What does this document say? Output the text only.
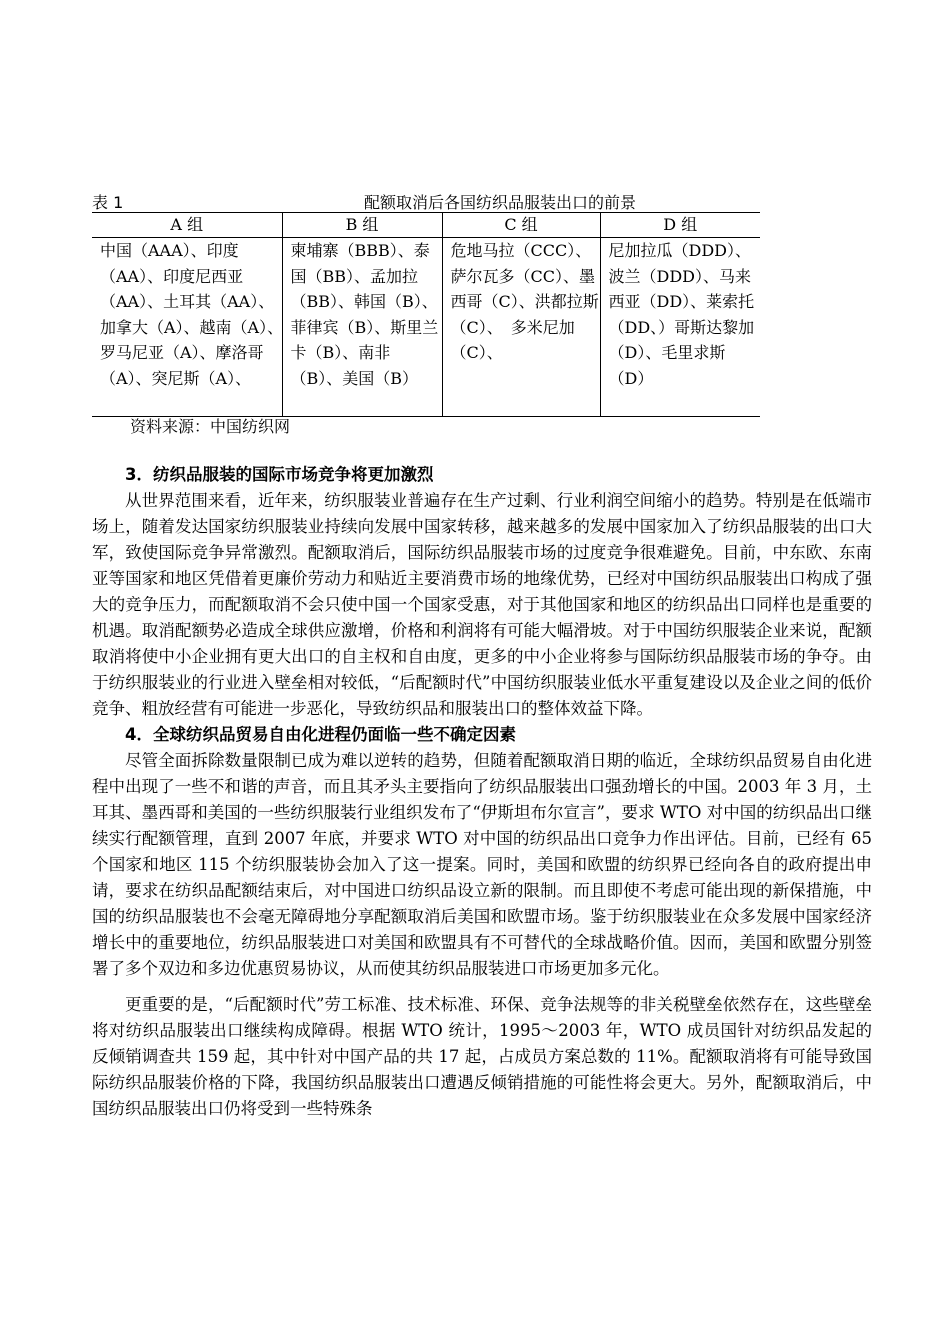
表 1	配额取消后各国纺织品服装出口的前景
A 组	B 组	C 组	D 组
中国（AAA）、印度（AA）、印度尼西亚（AA）、土耳其（AA）、加拿大（A）、越南（A）、　罗马尼亚（A）、摩洛哥（A）、突尼斯（A）、	柬埔寨（BBB）、泰国（BB）、孟加拉（BB）、韩国（B）、菲律宾（B）、斯里兰卡（B）、南非（B）、美国（B）	危地马拉（CCC）、萨尔瓦多（CC）、墨西哥（C）、洪都拉斯（C）、　多米尼加（C）、	尼加拉瓜（DDD）、波兰（DDD）、马来西亚（DD）、莱索托（DD、）哥斯达黎加（D）、毛里求斯（D）
资料来源：中国纺织网
3．纺织品服装的国际市场竞争将更加激烈

从世界范围来看，近年来，纺织服装业普遍存在生产过剩、行业利润空间缩小的趋势。特别是在低端市场上，随着发达国家纺织服装业持续向发展中国家转移，越来越多的发展中国家加入了纺织品服装的出口大军，致使国际竞争异常激烈。配额取消后，国际纺织品服装市场的过度竞争很难避免。目前，中东欧、东南亚等国家和地区凭借着更廉价劳动力和贴近主要消费市场的地缘优势，已经对中国纺织品服装出口构成了强大的竞争压力，而配额取消不会只使中国一个国家受惠，对于其他国家和地区的纺织品出口同样也是重要的机遇。取消配额势必造成全球供应激增，价格和利润将有可能大幅滑坡。对于中国纺织服装企业来说，配额取消将使中小企业拥有更大出口的自主权和自由度，更多的中小企业将参与国际纺织品服装市场的争夺。由于纺织服装业的行业进入壁垒相对较低，“后配额时代”中国纺织服装业低水平重复建设以及企业之间的低价竞争、粗放经营有可能进一步恶化，导致纺织品和服装出口的整体效益下降。

4．全球纺织品贸易自由化进程仍面临一些不确定因素

尽管全面拆除数量限制已成为难以逆转的趋势，但随着配额取消日期的临近，全球纺织品贸易自由化进程中出现了一些不和谐的声音，而且其矛头主要指向了纺织品服装出口强劲增长的中国。2003 年 3 月，土耳其、墨西哥和美国的一些纺织服装行业组织发布了“伊斯坦布尔宣言”，要求 WTO 对中国的纺织品出口继续实行配额管理，直到 2007 年底，并要求 WTO 对中国的纺织品出口竞争力作出评估。目前，已经有 65 个国家和地区 115 个纺织服装协会加入了这一提案。同时，美国和欧盟的纺织界已经向各自的政府提出申请，要求在纺织品配额结束后，对中国进口纺织品设立新的限制。而且即使不考虑可能出现的新保措施，中国的纺织品服装也不会毫无障碍地分享配额取消后美国和欧盟市场。鉴于纺织服装业在众多发展中国家经济增长中的重要地位，纺织品服装进口对美国和欧盟具有不可替代的全球战略价值。因而，美国和欧盟分别签署了多个双边和多边优惠贸易协议，从而使其纺织品服装进口市场更加多元化。

更重要的是，“后配额时代”劳工标准、技术标准、环保、竞争法规等的非关税壁垒依然存在，这些壁垒将对纺织品服装出口继续构成障碍。根据 WTO 统计，1995～2003 年，WTO 成员国针对纺织品发起的反倾销调查共 159 起，其中针对中国产品的共 17 起，占成员方案总数的 11%。配额取消将有可能导致国际纺织品服装价格的下降，我国纺织品服装出口遭遇反倾销措施的可能性将会更大。另外，配额取消后，中国纺织品服装出口仍将受到一些特殊条
